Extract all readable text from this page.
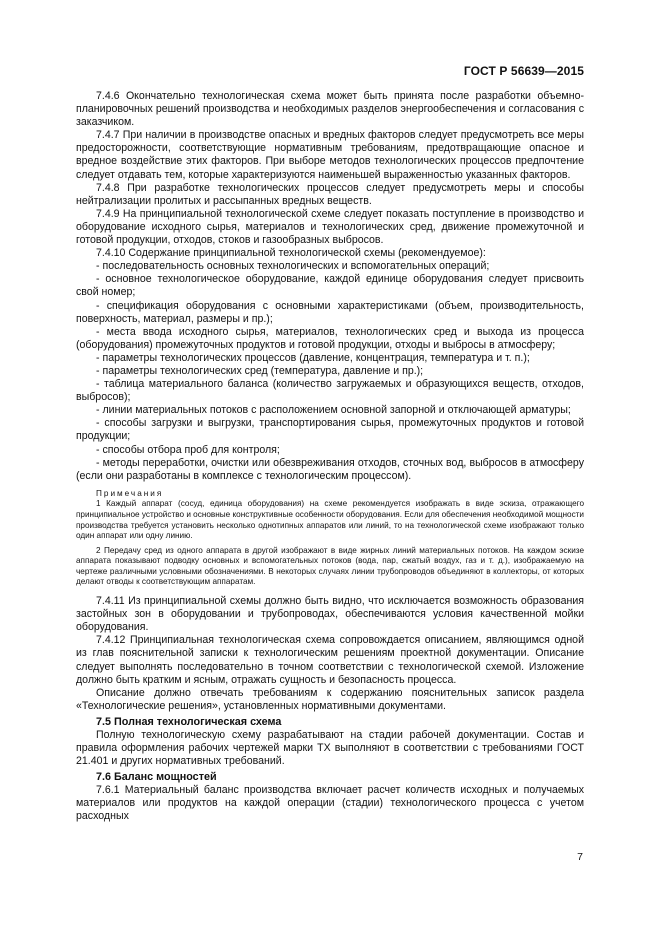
ГОСТ Р 56639—2015

7.4.6 Окончательно технологическая схема может быть принята после разработки объемно-планировочных решений производства и необходимых разделов энергообеспечения и согласования с заказчиком.

7.4.7 При наличии в производстве опасных и вредных факторов следует предусмотреть все меры предосторожности, соответствующие нормативным требованиям, предотвращающие опасное и вредное воздействие этих факторов. При выборе методов технологических процессов предпочтение следует отдавать тем, которые характеризуются наименьшей выраженностью указанных факторов.

7.4.8 При разработке технологических процессов следует предусмотреть меры и способы нейтрализации пролитых и рассыпанных вредных веществ.

7.4.9 На принципиальной технологической схеме следует показать поступление в производство и оборудование исходного сырья, материалов и технологических сред, движение промежуточной и готовой продукции, отходов, стоков и газообразных выбросов.

7.4.10 Содержание принципиальной технологической схемы (рекомендуемое):

- последовательность основных технологических и вспомогательных операций;

- основное технологическое оборудование, каждой единице оборудования следует присвоить свой номер;

- спецификация оборудования с основными характеристиками (объем, производительность, поверхность, материал, размеры и пр.);

- места ввода исходного сырья, материалов, технологических сред и выхода из процесса (оборудования) промежуточных продуктов и готовой продукции, отходы и выбросы в атмосферу;

- параметры технологических процессов (давление, концентрация, температура и т. п.);

- параметры технологических сред (температура, давление и пр.);

- таблица материального баланса (количество загружаемых и образующихся веществ, отходов, выбросов);

- линии материальных потоков с расположением основной запорной и отключающей арматуры;

- способы загрузки и выгрузки, транспортирования сырья, промежуточных продуктов и готовой продукции;

- способы отбора проб для контроля;

- методы переработки, очистки или обезвреживания отходов, сточных вод, выбросов в атмосферу (если они разработаны в комплексе с технологическим процессом).

Примечания

1 Каждый аппарат (сосуд, единица оборудования) на схеме рекомендуется изображать в виде эскиза, отражающего принципиальное устройство и основные конструктивные особенности оборудования. Если для обеспечения необходимой мощности производства требуется установить несколько однотипных аппаратов или линий, то на технологической схеме изображают только один аппарат или одну линию.

2 Передачу сред из одного аппарата в другой изображают в виде жирных линий материальных потоков. На каждом эскизе аппарата показывают подводку основных и вспомогательных потоков (вода, пар, сжатый воздух, газ и т. д.), изображаемую на чертеже различными условными обозначениями. В некоторых случаях линии трубопроводов объединяют в коллекторы, от которых делают отводы к соответствующим аппаратам.

7.4.11 Из принципиальной схемы должно быть видно, что исключается возможность образования застойных зон в оборудовании и трубопроводах, обеспечиваются условия качественной мойки оборудования.

7.4.12 Принципиальная технологическая схема сопровождается описанием, являющимся одной из глав пояснительной записки к технологическим решениям проектной документации. Описание следует выполнять последовательно в точном соответствии с технологической схемой. Изложение должно быть кратким и ясным, отражать сущность и безопасность процесса.

Описание должно отвечать требованиям к содержанию пояснительных записок раздела «Технологические решения», установленных нормативными документами.

7.5 Полная технологическая схема

Полную технологическую схему разрабатывают на стадии рабочей документации. Состав и правила оформления рабочих чертежей марки ТХ выполняют в соответствии с требованиями ГОСТ 21.401 и других нормативных требований.

7.6 Баланс мощностей

7.6.1 Материальный баланс производства включает расчет количеств исходных и получаемых материалов или продуктов на каждой операции (стадии) технологического процесса с учетом расходных

7
